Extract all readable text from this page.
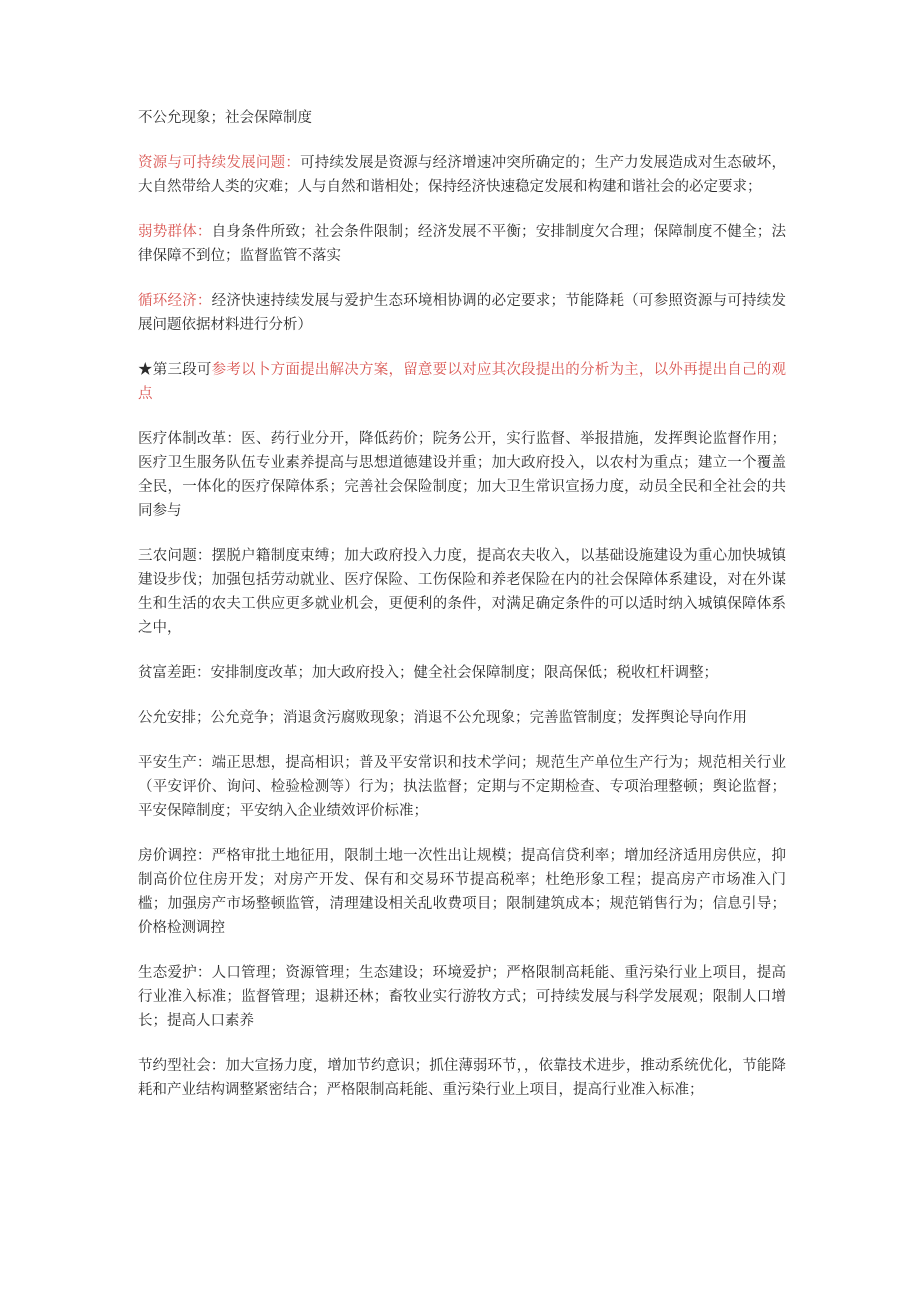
不公允现象；社会保障制度

资源与可持续发展问题：可持续发展是资源与经济增速冲突所确定的；生产力发展造成对生态破坏，大自然带给人类的灾难；人与自然和谐相处；保持经济快速稳定发展和构建和谐社会的必定要求；

弱势群体：自身条件所致；社会条件限制；经济发展不平衡；安排制度欠合理；保障制度不健全；法律保障不到位；监督监管不落实

循环经济：经济快速持续发展与爱护生态环境相协调的必定要求；节能降耗（可参照资源与可持续发展问题依据材料进行分析）

★第三段可参考以卜方面提出解决方案，留意要以对应其次段提出的分析为主，以外再提出自己的观点

医疗体制改革：医、药行业分开，降低药价；院务公开，实行监督、举报措施，发挥舆论监督作用；医疗卫生服务队伍专业素养提高与思想道德建设并重；加大政府投入，以农村为重点；建立一个覆盖全民，一体化的医疗保障体系；完善社会保险制度；加大卫生常识宣扬力度，动员全民和全社会的共同参与

三农问题：摆脱户籍制度束缚；加大政府投入力度，提高农夫收入，以基础设施建设为重心加快城镇建设步伐；加强包括劳动就业、医疗保险、工伤保险和养老保险在内的社会保障体系建设，对在外谋生和生活的农夫工供应更多就业机会，更便利的条件，对满足确定条件的可以适时纳入城镇保障体系之中，

贫富差距：安排制度改革；加大政府投入；健全社会保障制度；限高保低；税收杠杆调整；

公允安排；公允竞争；消退贪污腐败现象；消退不公允现象；完善监管制度；发挥舆论导向作用

平安生产：端正思想，提高相识；普及平安常识和技术学问；规范生产单位生产行为；规范相关行业（平安评价、询问、检验检测等）行为；执法监督；定期与不定期检查、专项治理整顿；舆论监督；平安保障制度；平安纳入企业绩效评价标准；

房价调控：严格审批土地征用，限制土地一次性出让规模；提高信贷利率；增加经济适用房供应，抑制高价位住房开发；对房产开发、保有和交易环节提高税率；杜绝形象工程；提高房产市场准入门槛；加强房产市场整顿监管，清理建设相关乱收费项目；限制建筑成本；规范销售行为；信息引导；价格检测调控

生态爱护：人口管理；资源管理；生态建设；环境爱护；严格限制高耗能、重污染行业上项目，提高行业准入标准；监督管理；退耕还林；畜牧业实行游牧方式；可持续发展与科学发展观；限制人口增长；提高人口素养

节约型社会：加大宣扬力度，增加节约意识；抓住薄弱环节，，依靠技术进步，推动系统优化，节能降耗和产业结构调整紧密结合；严格限制高耗能、重污染行业上项目，提高行业准入标准；
